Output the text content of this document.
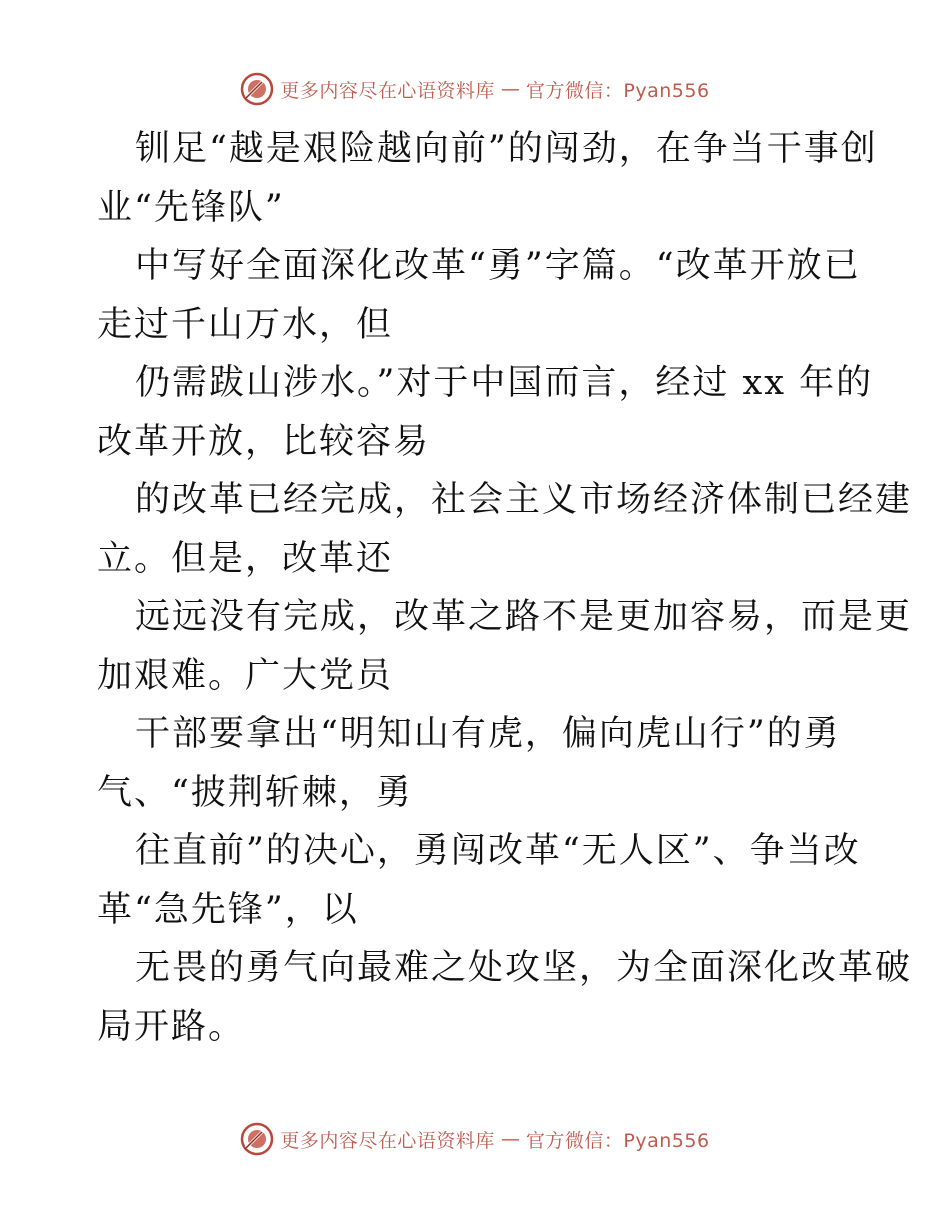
更多内容尽在心语资料库 — 官方微信：Pyan556
钏足“越是艰险越向前”的闯劲，在争当干事创
业“先锋队”
中写好全面深化改革“勇”字篇。“改革开放已
走过千山万水，但
仍需跋山涉水。”对于中国而言，经过 xx 年的
改革开放，比较容易
的改革已经完成，社会主义市场经济体制已经建
立。但是，改革还
远远没有完成，改革之路不是更加容易，而是更
加艰难。广大党员
干部要拿出“明知山有虎，偏向虎山行”的勇
气、“披荆斩棘，勇
往直前”的决心，勇闯改革“无人区”、争当改
革“急先锋”，以
无畏的勇气向最难之处攻坚，为全面深化改革破
局开路。
更多内容尽在心语资料库 — 官方微信：Pyan556
